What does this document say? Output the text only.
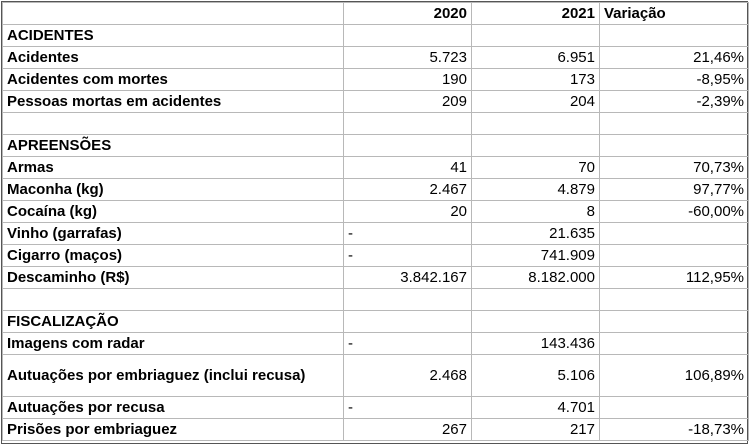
	2020	2021	Variação
ACIDENTES			
Acidentes	5.723	6.951	21,46%
Acidentes com mortes	190	173	-8,95%
Pessoas mortas em acidentes	209	204	-2,39%

APREENSÕES			
Armas	41	70	70,73%
Maconha (kg)	2.467	4.879	97,77%
Cocaína (kg)	20	8	-60,00%
Vinho (garrafas)	-	21.635	
Cigarro (maços)	-	741.909	
Descaminho (R$)	3.842.167	8.182.000	112,95%

FISCALIZAÇÃO			
Imagens com radar	-	143.436	
Autuações por embriaguez (inclui recusa)	2.468	5.106	106,89%
Autuações por recusa	-	4.701	
Prisões por embriaguez	267	217	-18,73%
